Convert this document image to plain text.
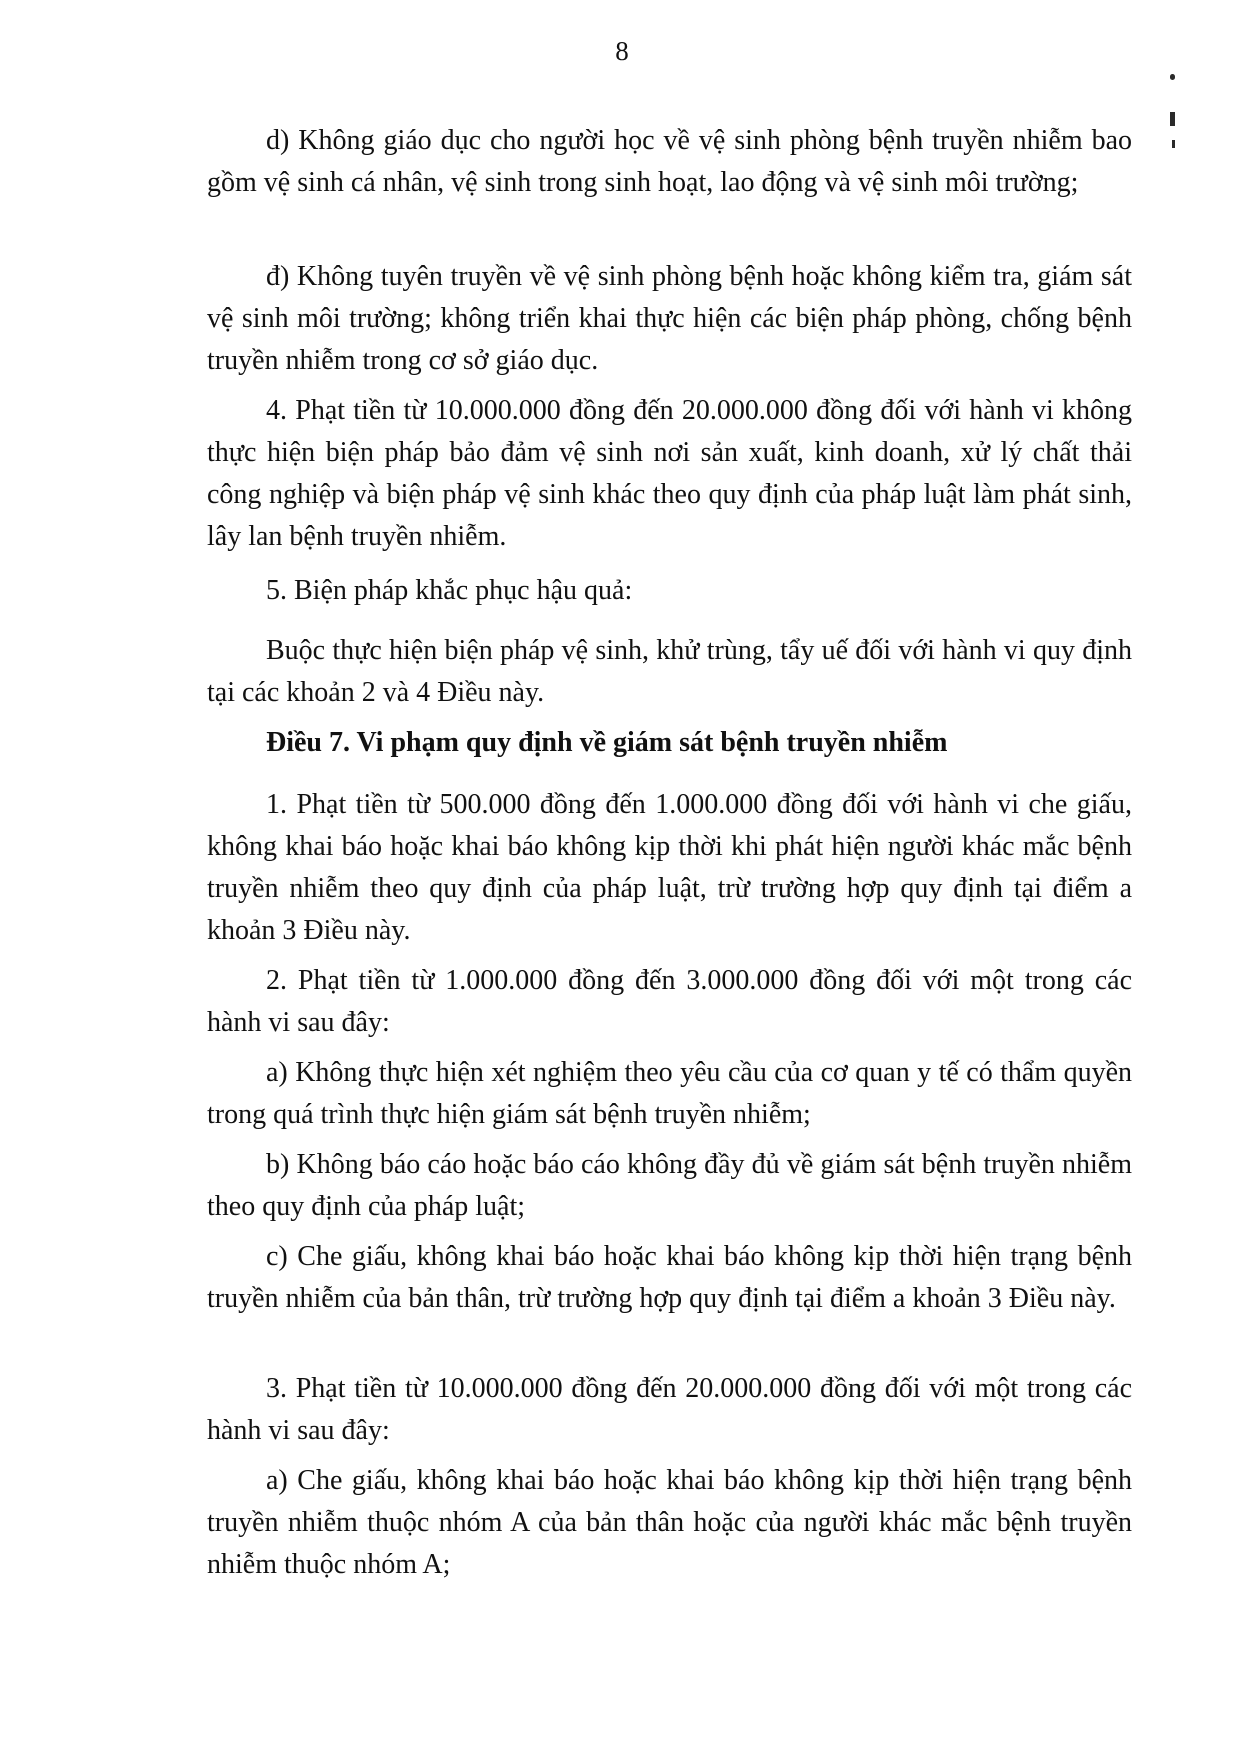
8

d) Không giáo dục cho người học về vệ sinh phòng bệnh truyền nhiễm bao gồm vệ sinh cá nhân, vệ sinh trong sinh hoạt, lao động và vệ sinh môi trường;

đ) Không tuyên truyền về vệ sinh phòng bệnh hoặc không kiểm tra, giám sát vệ sinh môi trường; không triển khai thực hiện các biện pháp phòng, chống bệnh truyền nhiễm trong cơ sở giáo dục.

4. Phạt tiền từ 10.000.000 đồng đến 20.000.000 đồng đối với hành vi không thực hiện biện pháp bảo đảm vệ sinh nơi sản xuất, kinh doanh, xử lý chất thải công nghiệp và biện pháp vệ sinh khác theo quy định của pháp luật làm phát sinh, lây lan bệnh truyền nhiễm.

5. Biện pháp khắc phục hậu quả:

Buộc thực hiện biện pháp vệ sinh, khử trùng, tẩy uế đối với hành vi quy định tại các khoản 2 và 4 Điều này.

Điều 7. Vi phạm quy định về giám sát bệnh truyền nhiễm

1. Phạt tiền từ 500.000 đồng đến 1.000.000 đồng đối với hành vi che giấu, không khai báo hoặc khai báo không kịp thời khi phát hiện người khác mắc bệnh truyền nhiễm theo quy định của pháp luật, trừ trường hợp quy định tại điểm a khoản 3 Điều này.

2. Phạt tiền từ 1.000.000 đồng đến 3.000.000 đồng đối với một trong các hành vi sau đây:

a) Không thực hiện xét nghiệm theo yêu cầu của cơ quan y tế có thẩm quyền trong quá trình thực hiện giám sát bệnh truyền nhiễm;

b) Không báo cáo hoặc báo cáo không đầy đủ về giám sát bệnh truyền nhiễm theo quy định của pháp luật;

c) Che giấu, không khai báo hoặc khai báo không kịp thời hiện trạng bệnh truyền nhiễm của bản thân, trừ trường hợp quy định tại điểm a khoản 3 Điều này.

3. Phạt tiền từ 10.000.000 đồng đến 20.000.000 đồng đối với một trong các hành vi sau đây:

a) Che giấu, không khai báo hoặc khai báo không kịp thời hiện trạng bệnh truyền nhiễm thuộc nhóm A của bản thân hoặc của người khác mắc bệnh truyền nhiễm thuộc nhóm A;
